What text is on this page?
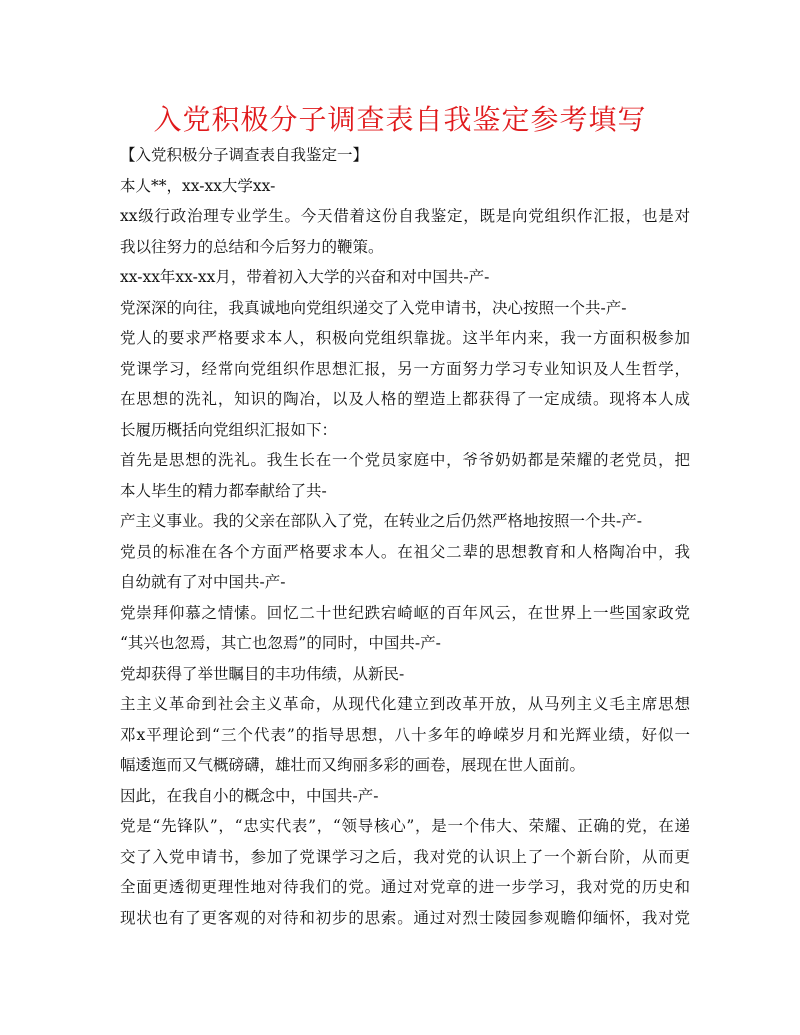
入党积极分子调查表自我鉴定参考填写
【入党积极分子调查表自我鉴定一】
本人**，xx-xx大学xx-
xx级行政治理专业学生。今天借着这份自我鉴定，既是向党组织作汇报，也是对
我以往努力的总结和今后努力的鞭策。
xx-xx年xx-xx月，带着初入大学的兴奋和对中国共-产-
党深深的向往，我真诚地向党组织递交了入党申请书，决心按照一个共-产-
党人的要求严格要求本人，积极向党组织靠拢。这半年内来，我一方面积极参加
党课学习，经常向党组织作思想汇报，另一方面努力学习专业知识及人生哲学，
在思想的洗礼，知识的陶冶，以及人格的塑造上都获得了一定成绩。现将本人成
长履历概括向党组织汇报如下：
首先是思想的洗礼。我生长在一个党员家庭中，爷爷奶奶都是荣耀的老党员，把
本人毕生的精力都奉献给了共-
产主义事业。我的父亲在部队入了党，在转业之后仍然严格地按照一个共-产-
党员的标准在各个方面严格要求本人。在祖父二辈的思想教育和人格陶冶中，我
自幼就有了对中国共-产-
党崇拜仰慕之情愫。回忆二十世纪跌宕崎岖的百年风云，在世界上一些国家政党
“其兴也忽焉，其亡也忽焉”的同时，中国共-产-
党却获得了举世瞩目的丰功伟绩，从新民-
主主义革命到社会主义革命，从现代化建立到改革开放，从马列主义毛主席思想
邓x平理论到“三个代表”的指导思想，八十多年的峥嵘岁月和光辉业绩，好似一
幅逶迤而又气概磅礴，雄壮而又绚丽多彩的画卷，展现在世人面前。
因此，在我自小的概念中，中国共-产-
党是“先锋队”，“忠实代表”，“领导核心”，是一个伟大、荣耀、正确的党，在递
交了入党申请书，参加了党课学习之后，我对党的认识上了一个新台阶，从而更
全面更透彻更理性地对待我们的党。通过对党章的进一步学习，我对党的历史和
现状也有了更客观的对待和初步的思索。通过对烈士陵园参观瞻仰缅怀，我对党
